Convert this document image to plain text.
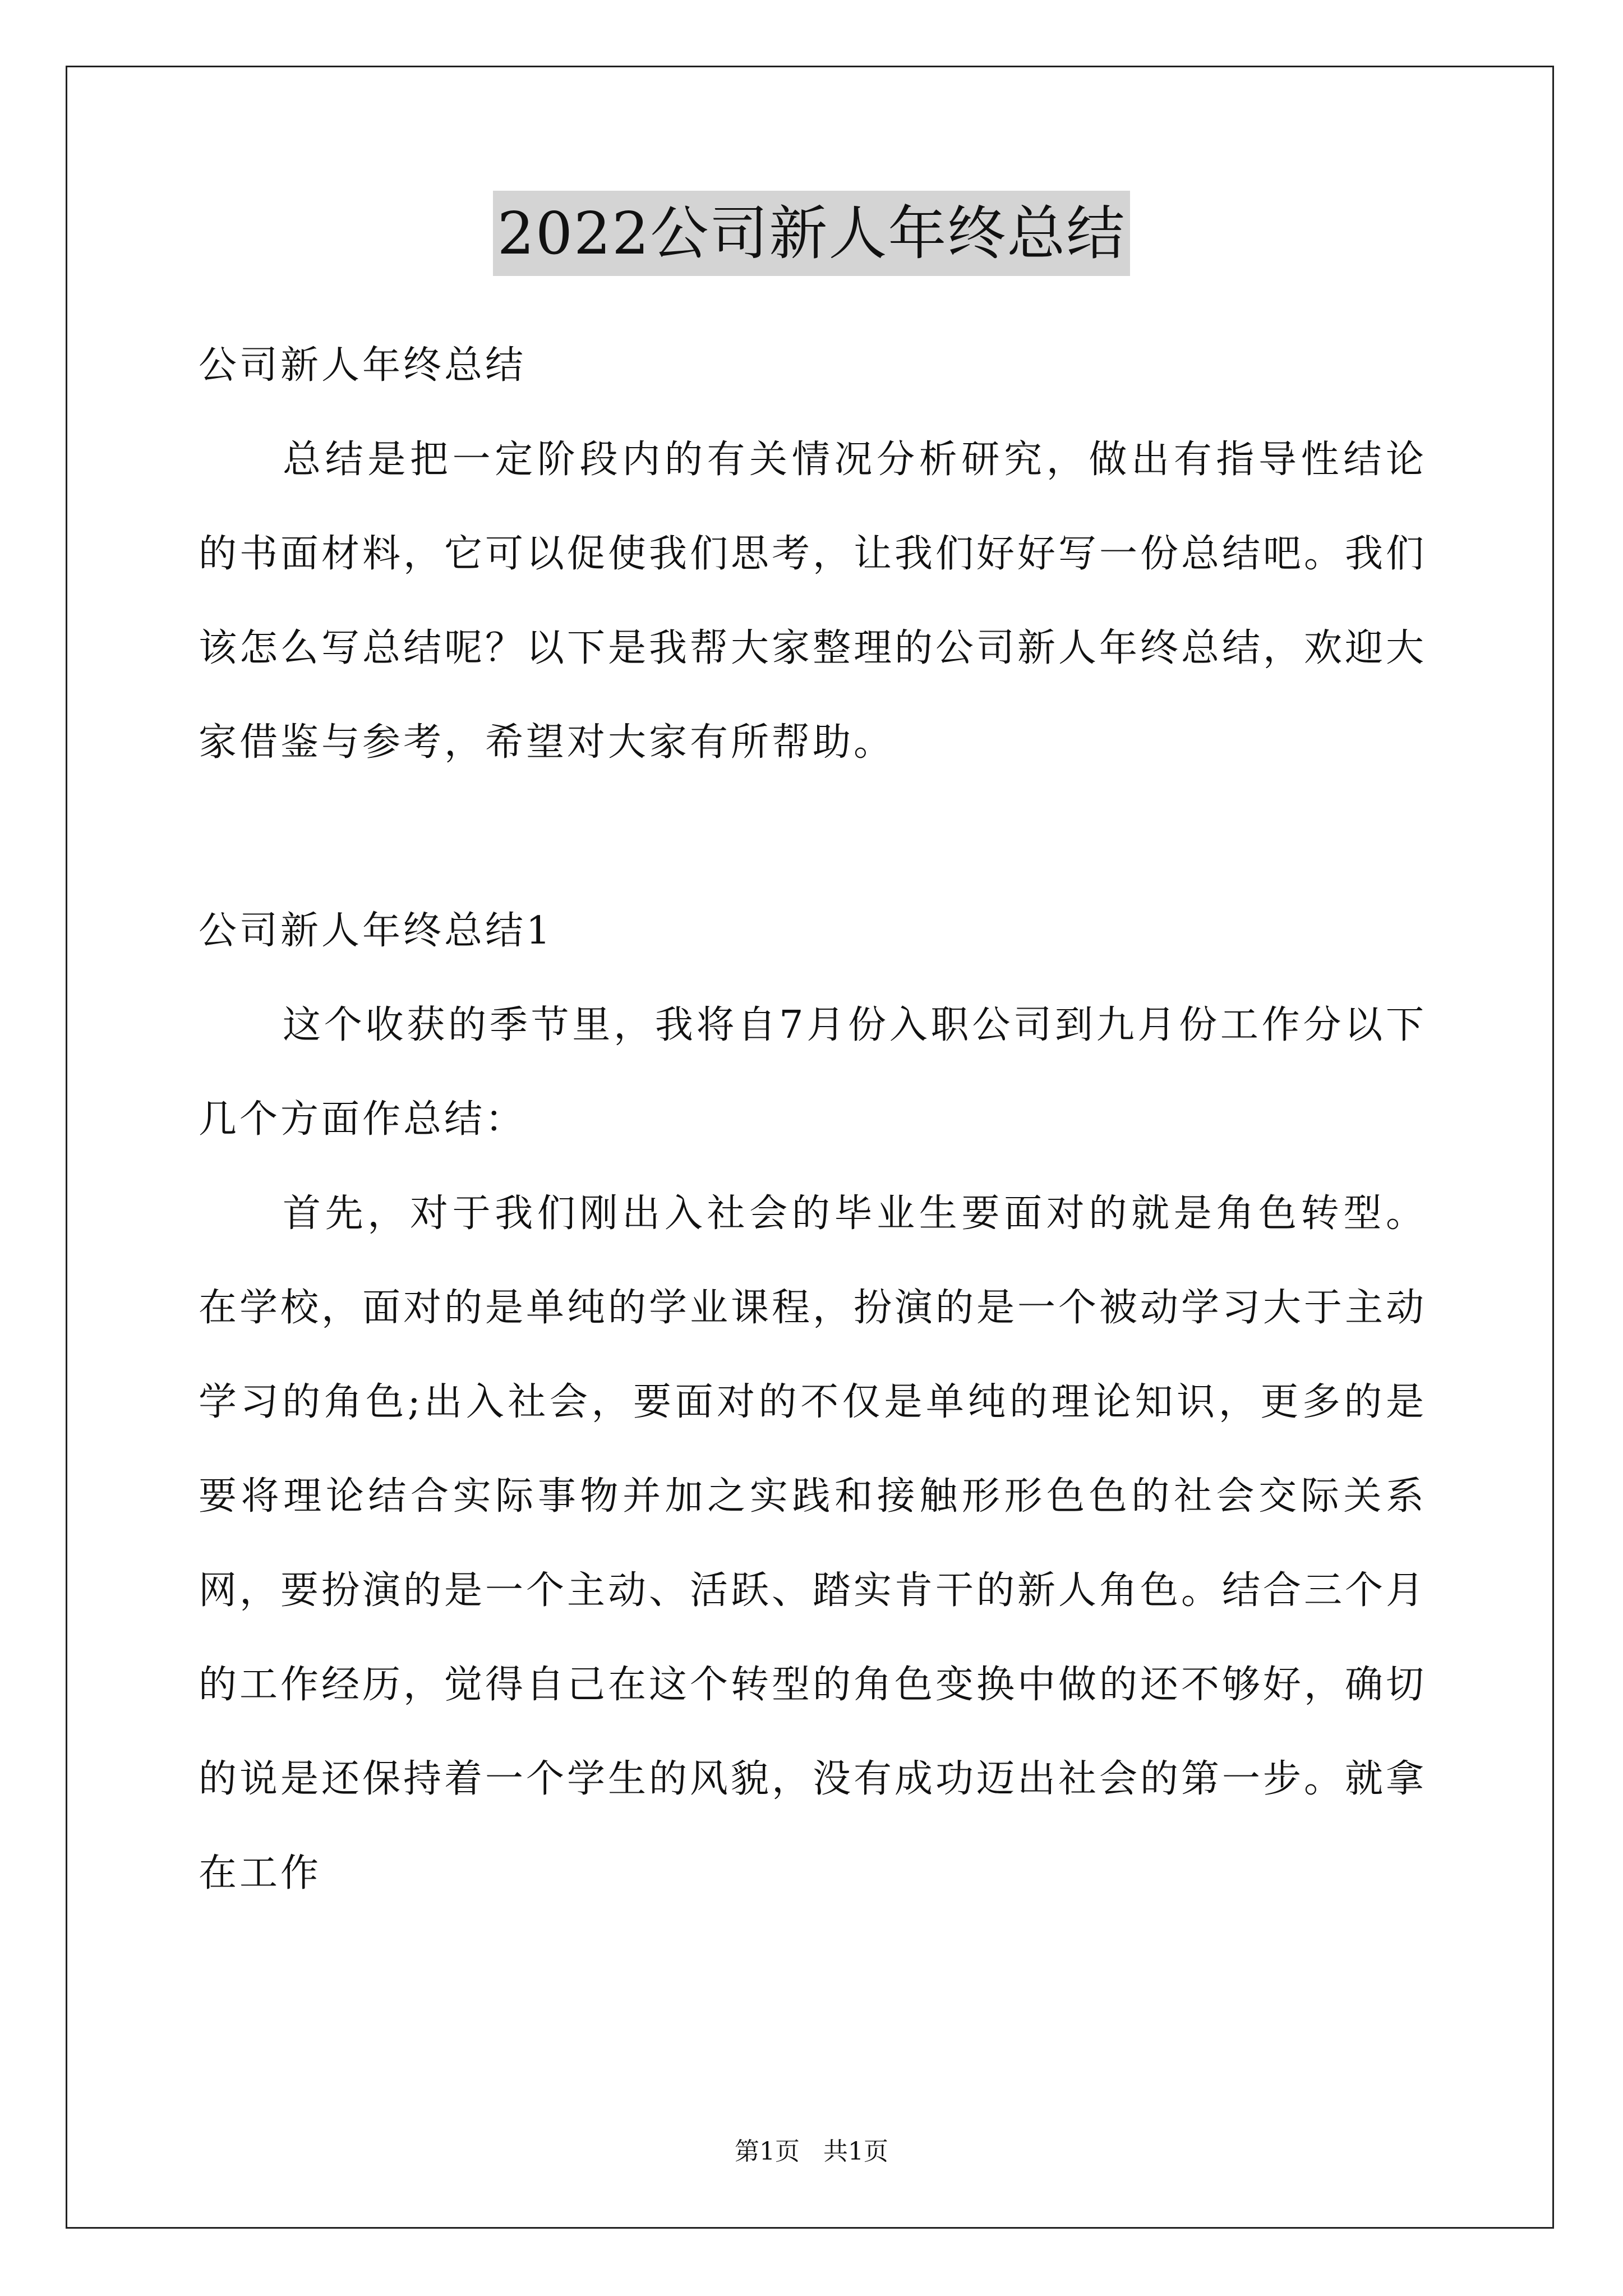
2022公司新人年终总结

公司新人年终总结

总结是把一定阶段内的有关情况分析研究，做出有指导性结论的书面材料，它可以促使我们思考，让我们好好写一份总结吧。我们该怎么写总结呢？以下是我帮大家整理的公司新人年终总结，欢迎大家借鉴与参考，希望对大家有所帮助。

公司新人年终总结1

这个收获的季节里，我将自7月份入职公司到九月份工作分以下几个方面作总结：

首先，对于我们刚出入社会的毕业生要面对的就是角色转型。在学校，面对的是单纯的学业课程，扮演的是一个被动学习大于主动学习的角色;出入社会，要面对的不仅是单纯的理论知识，更多的是要将理论结合实际事物并加之实践和接触形形色色的社会交际关系网，要扮演的是一个主动、活跃、踏实肯干的新人角色。结合三个月的工作经历，觉得自己在这个转型的角色变换中做的还不够好，确切的说是还保持着一个学生的风貌，没有成功迈出社会的第一步。就拿在工作

第1页   共1页
